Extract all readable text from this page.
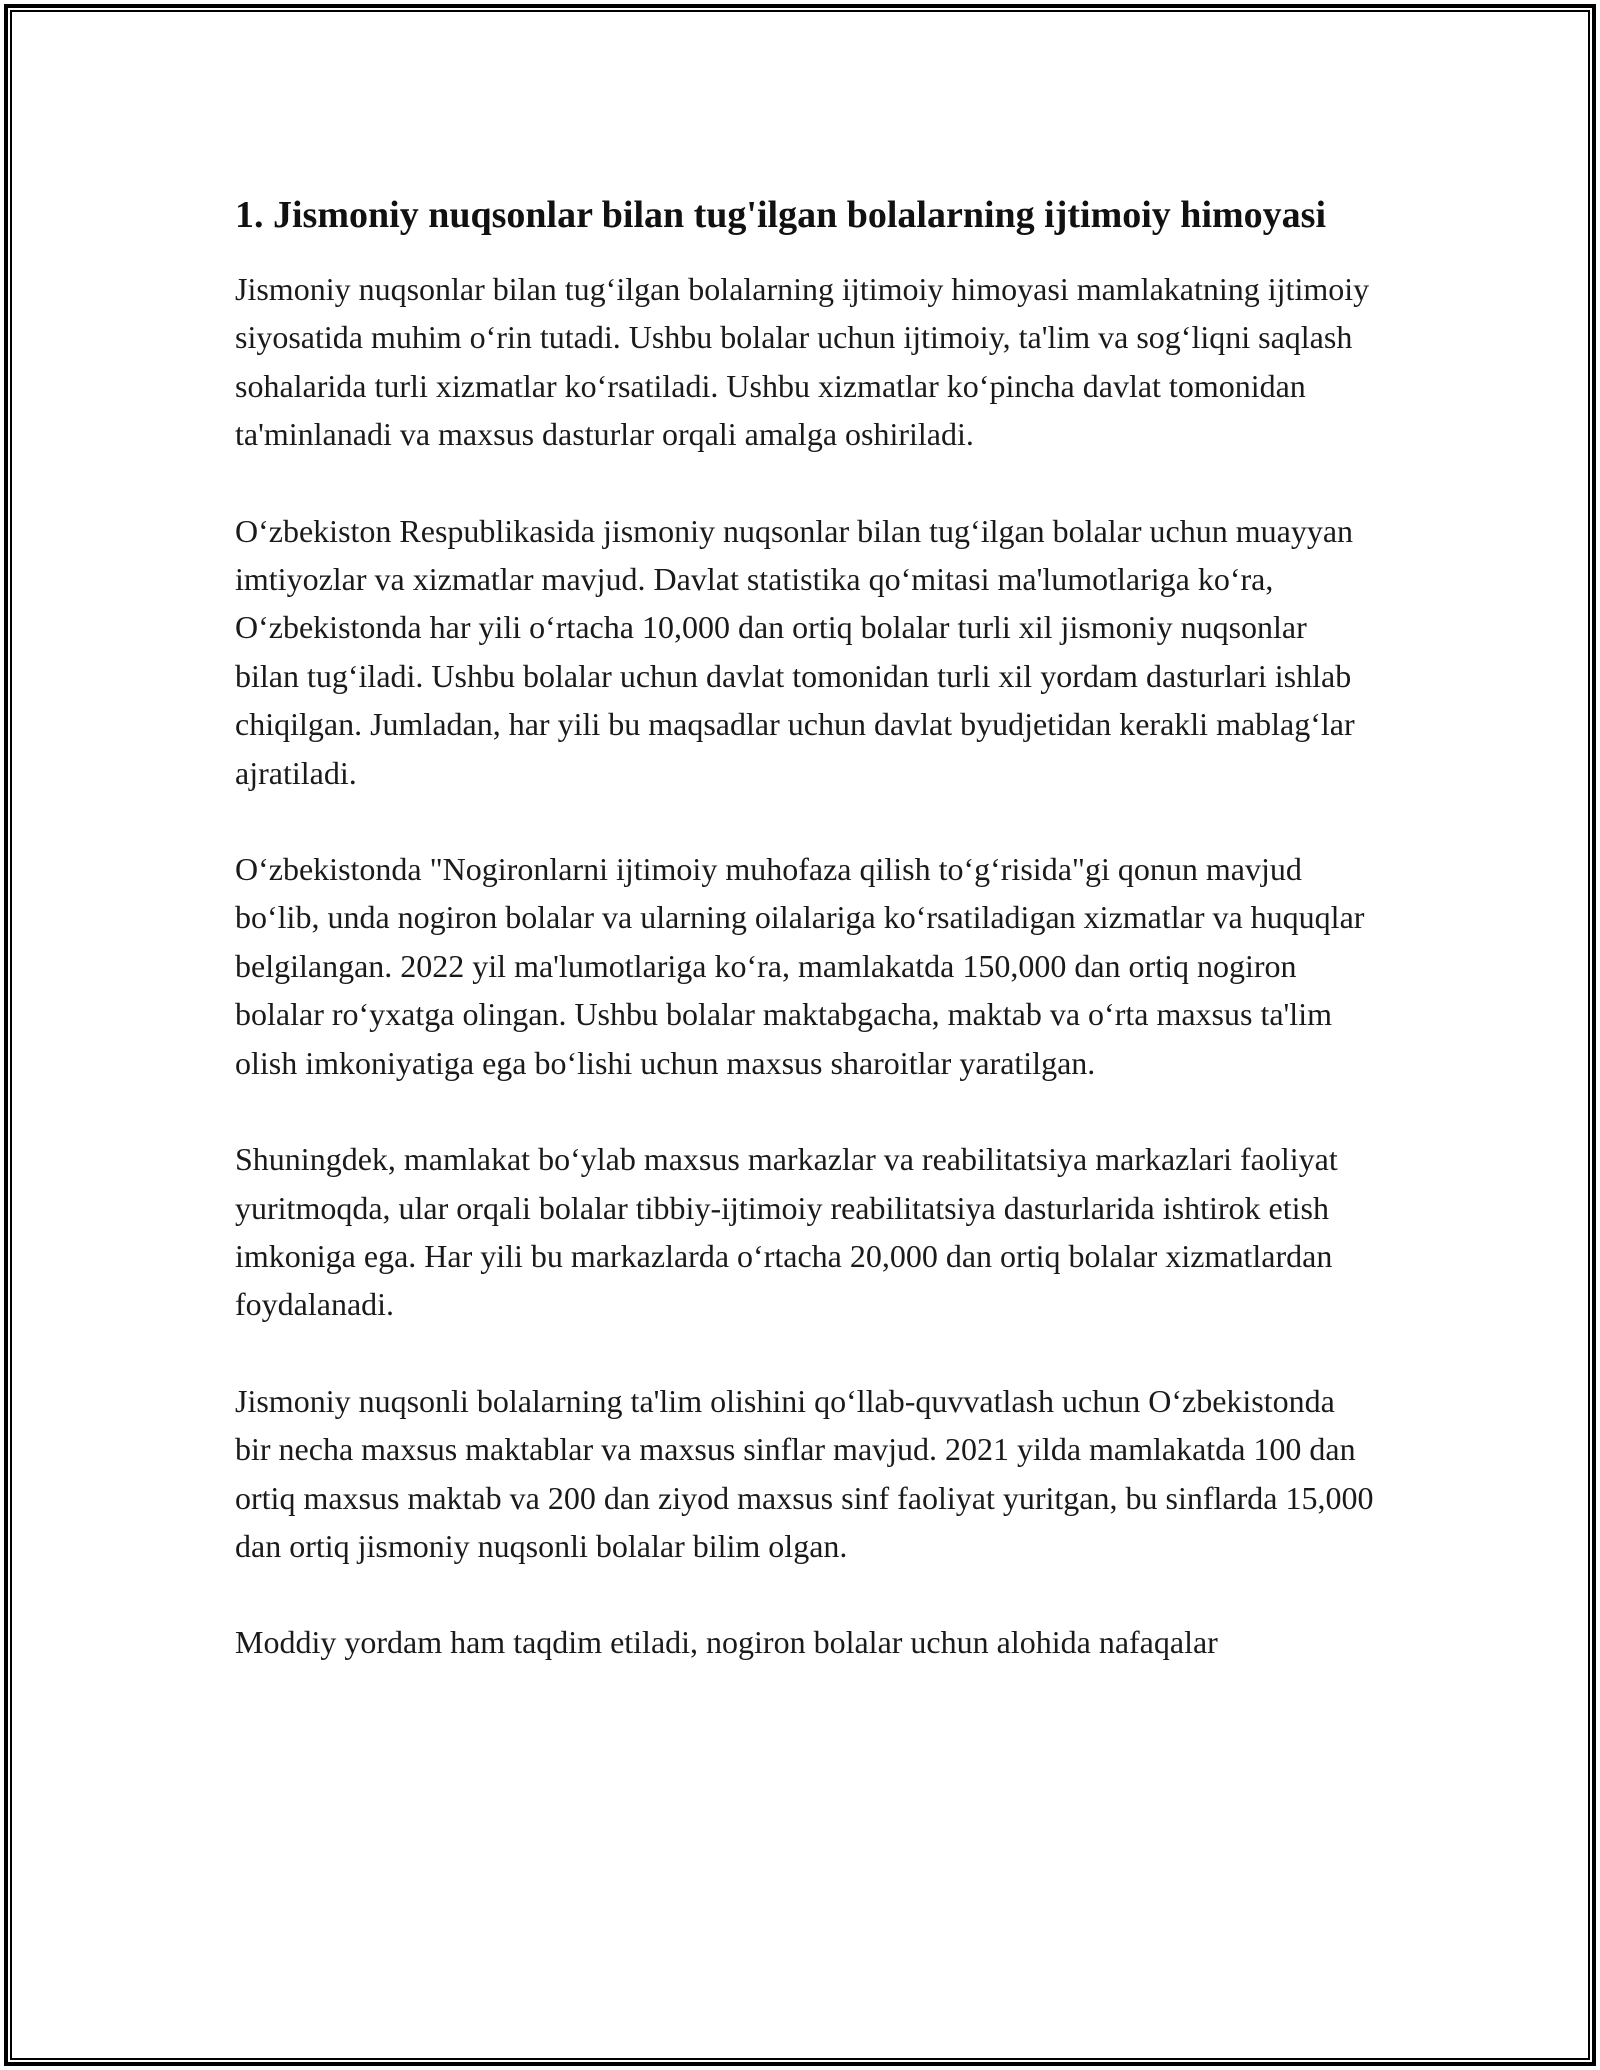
1. Jismoniy nuqsonlar bilan tug'ilgan bolalarning ijtimoiy himoyasi

Jismoniy nuqsonlar bilan tug‘ilgan bolalarning ijtimoiy himoyasi mamlakatning ijtimoiy siyosatida muhim o‘rin tutadi. Ushbu bolalar uchun ijtimoiy, ta'lim va sog‘liqni saqlash sohalarida turli xizmatlar ko‘rsatiladi. Ushbu xizmatlar ko‘pincha davlat tomonidan ta'minlanadi va maxsus dasturlar orqali amalga oshiriladi.

O‘zbekiston Respublikasida jismoniy nuqsonlar bilan tug‘ilgan bolalar uchun muayyan imtiyozlar va xizmatlar mavjud. Davlat statistika qo‘mitasi ma'lumotlariga ko‘ra, O‘zbekistonda har yili o‘rtacha 10,000 dan ortiq bolalar turli xil jismoniy nuqsonlar bilan tug‘iladi. Ushbu bolalar uchun davlat tomonidan turli xil yordam dasturlari ishlab chiqilgan. Jumladan, har yili bu maqsadlar uchun davlat byudjetidan kerakli mablag‘lar ajratiladi.

O‘zbekistonda "Nogironlarni ijtimoiy muhofaza qilish to‘g‘risida"gi qonun mavjud bo‘lib, unda nogiron bolalar va ularning oilalariga ko‘rsatiladigan xizmatlar va huquqlar belgilangan. 2022 yil ma'lumotlariga ko‘ra, mamlakatda 150,000 dan ortiq nogiron bolalar ro‘yxatga olingan. Ushbu bolalar maktabgacha, maktab va o‘rta maxsus ta'lim olish imkoniyatiga ega bo‘lishi uchun maxsus sharoitlar yaratilgan.

Shuningdek, mamlakat bo‘ylab maxsus markazlar va reabilitatsiya markazlari faoliyat yuritmoqda, ular orqali bolalar tibbiy-ijtimoiy reabilitatsiya dasturlarida ishtirok etish imkoniga ega. Har yili bu markazlarda o‘rtacha 20,000 dan ortiq bolalar xizmatlardan foydalanadi.

Jismoniy nuqsonli bolalarning ta'lim olishini qo‘llab-quvvatlash uchun O‘zbekistonda bir necha maxsus maktablar va maxsus sinflar mavjud. 2021 yilda mamlakatda 100 dan ortiq maxsus maktab va 200 dan ziyod maxsus sinf faoliyat yuritgan, bu sinflarda 15,000 dan ortiq jismoniy nuqsonli bolalar bilim olgan.

Moddiy yordam ham taqdim etiladi, nogiron bolalar uchun alohida nafaqalar
